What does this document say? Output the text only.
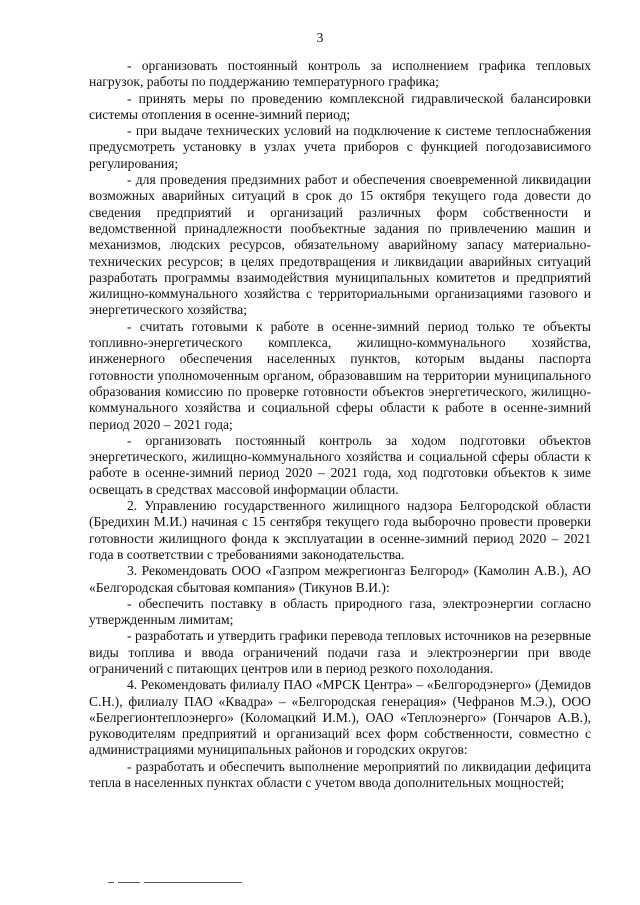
3

- организовать постоянный контроль за исполнением графика тепловых нагрузок, работы по поддержанию температурного графика;

- принять меры по проведению комплексной гидравлической балансировки системы отопления в осенне-зимний период;

- при выдаче технических условий на подключение к системе теплоснабжения предусмотреть установку в узлах учета приборов с функцией погодозависимого регулирования;

- для проведения предзимних работ и обеспечения своевременной ликвидации возможных аварийных ситуаций в срок до 15 октября текущего года довести до сведения предприятий и организаций различных форм собственности и ведомственной принадлежности пообъектные задания по привлечению машин и механизмов, людских ресурсов, обязательному аварийному запасу материально-технических ресурсов; в целях предотвращения и ликвидации аварийных ситуаций разработать программы взаимодействия муниципальных комитетов и предприятий жилищно-коммунального хозяйства с территориальными организациями газового и энергетического хозяйства;

- считать готовыми к работе в осенне-зимний период только те объекты топливно-энергетического комплекса, жилищно-коммунального хозяйства, инженерного обеспечения населенных пунктов, которым выданы паспорта готовности уполномоченным органом, образовавшим на территории муниципального образования комиссию по проверке готовности объектов энергетического, жилищно-коммунального хозяйства и социальной сферы области к работе в осенне-зимний период 2020 – 2021 года;

- организовать постоянный контроль за ходом подготовки объектов энергетического, жилищно-коммунального хозяйства и социальной сферы области к работе в осенне-зимний период 2020 – 2021 года, ход подготовки объектов к зиме освещать в средствах массовой информации области.

2. Управлению государственного жилищного надзора Белгородской области (Бредихин М.И.) начиная с 15 сентября текущего года выборочно провести проверки готовности жилищного фонда к эксплуатации в осенне-зимний период 2020 – 2021 года в соответствии с требованиями законодательства.

3. Рекомендовать ООО «Газпром межрегионгаз Белгород» (Камолин А.В.), АО «Белгородская сбытовая компания» (Тикунов В.И.):

- обеспечить поставку в область природного газа, электроэнергии согласно утвержденным лимитам;

- разработать и утвердить графики перевода тепловых источников на резервные виды топлива и ввода ограничений подачи газа и электроэнергии при вводе ограничений с питающих центров или в период резкого похолодания.

4. Рекомендовать филиалу ПАО «МРСК Центра» – «Белгородэнерго» (Демидов С.Н.), филиалу ПАО «Квадра» – «Белгородская генерация» (Чефранов М.Э.), ООО «Белрегионтеплоэнерго» (Коломацкий И.М.), ОАО «Теплоэнерго» (Гончаров А.В.), руководителям предприятий и организаций всех форм собственности, совместно с администрациями муниципальных районов и городских округов:

- разработать и обеспечить выполнение мероприятий по ликвидации дефицита тепла в населенных пунктах области с учетом ввода дополнительных мощностей;
